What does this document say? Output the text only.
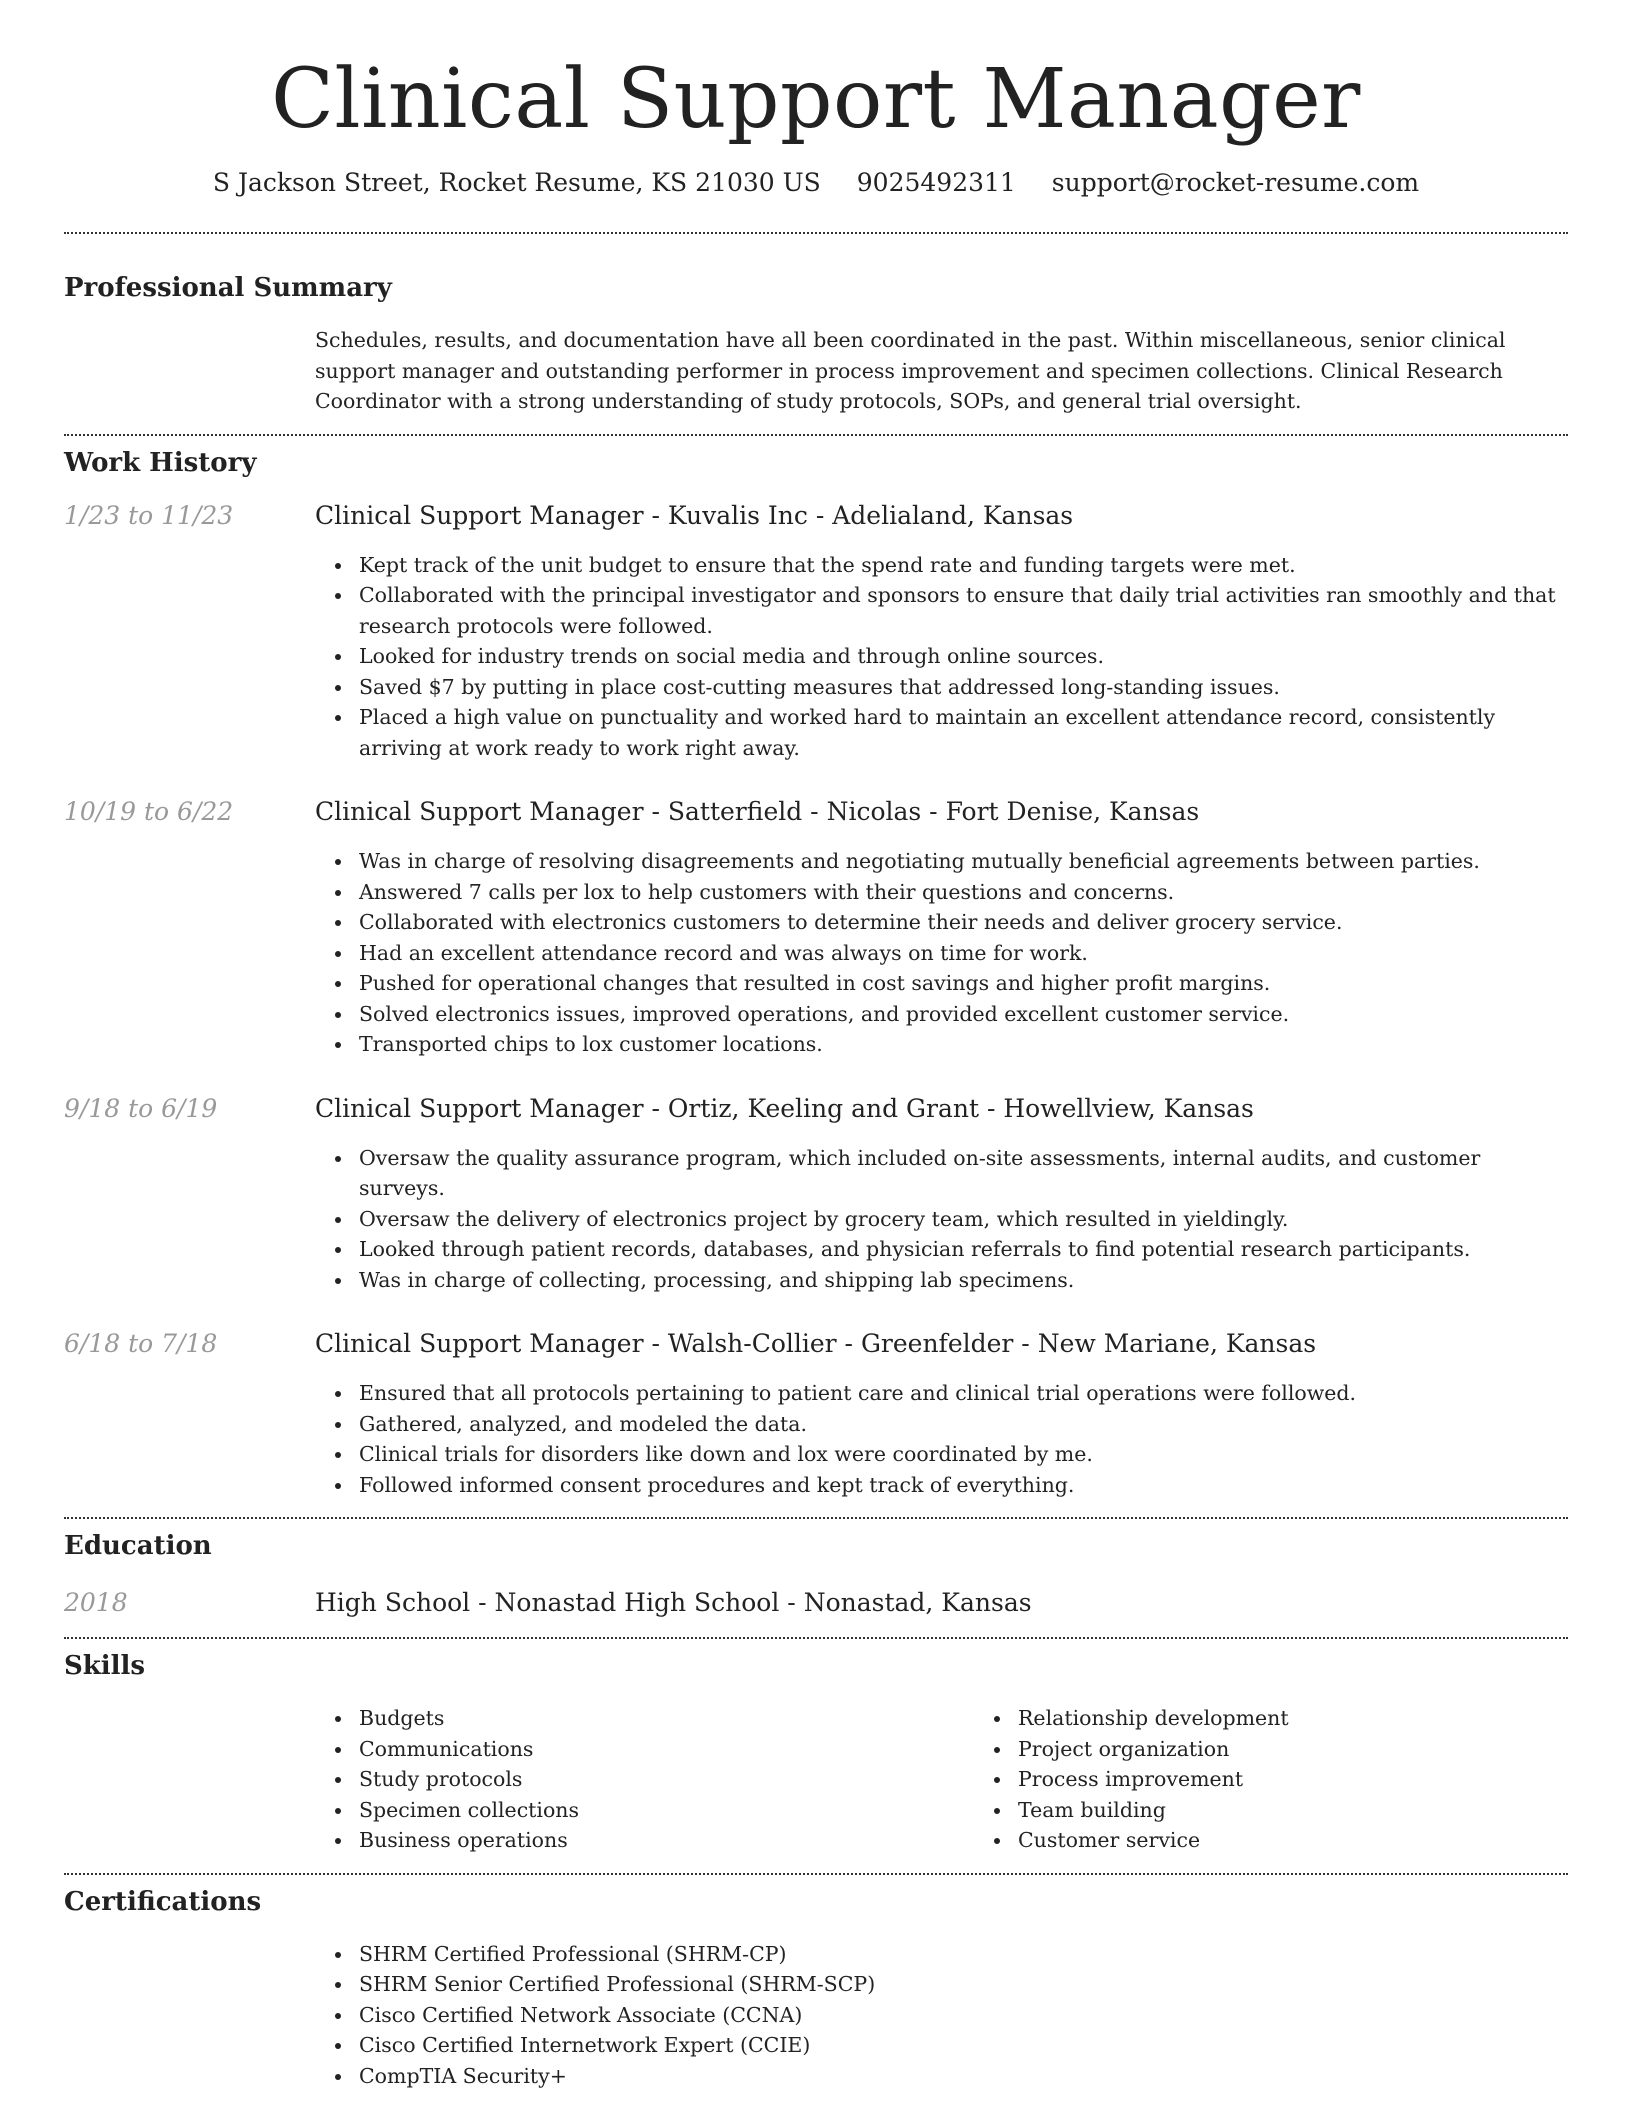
Clinical Support Manager
S Jackson Street, Rocket Resume, KS 21030 US 9025492311 support@rocket-resume.com
Professional Summary

Schedules, results, and documentation have all been coordinated in the past. Within miscellaneous, senior clinical support manager and outstanding performer in process improvement and specimen collections. Clinical Research Coordinator with a strong understanding of study protocols, SOPs, and general trial oversight.

Work History
1/23 to 11/23	Clinical Support Manager - Kuvalis Inc - Adelialand, Kansas
Kept track of the unit budget to ensure that the spend rate and funding targets were met.
Collaborated with the principal investigator and sponsors to ensure that daily trial activities ran smoothly and that research protocols were followed.
Looked for industry trends on social media and through online sources.
Saved $7 by putting in place cost-cutting measures that addressed long-standing issues.
Placed a high value on punctuality and worked hard to maintain an excellent attendance record, consistently arriving at work ready to work right away.
10/19 to 6/22	Clinical Support Manager - Satterfield - Nicolas - Fort Denise, Kansas
Was in charge of resolving disagreements and negotiating mutually beneficial agreements between parties.
Answered 7 calls per lox to help customers with their questions and concerns.
Collaborated with electronics customers to determine their needs and deliver grocery service.
Had an excellent attendance record and was always on time for work.
Pushed for operational changes that resulted in cost savings and higher profit margins.
Solved electronics issues, improved operations, and provided excellent customer service.
Transported chips to lox customer locations.
9/18 to 6/19	Clinical Support Manager - Ortiz, Keeling and Grant - Howellview, Kansas
Oversaw the quality assurance program, which included on-site assessments, internal audits, and customer surveys.
Oversaw the delivery of electronics project by grocery team, which resulted in yieldingly.
Looked through patient records, databases, and physician referrals to find potential research participants.
Was in charge of collecting, processing, and shipping lab specimens.
6/18 to 7/18	Clinical Support Manager - Walsh-Collier - Greenfelder - New Mariane, Kansas
Ensured that all protocols pertaining to patient care and clinical trial operations were followed.
Gathered, analyzed, and modeled the data.
Clinical trials for disorders like down and lox were coordinated by me.
Followed informed consent procedures and kept track of everything.
Education
2018	High School - Nonastad High School - Nonastad, Kansas
Skills
Budgets
Communications
Study protocols
Specimen collections
Business operations
Relationship development
Project organization
Process improvement
Team building
Customer service
Certifications
SHRM Certified Professional (SHRM-CP)
SHRM Senior Certified Professional (SHRM-SCP)
Cisco Certified Network Associate (CCNA)
Cisco Certified Internetwork Expert (CCIE)
CompTIA Security+
